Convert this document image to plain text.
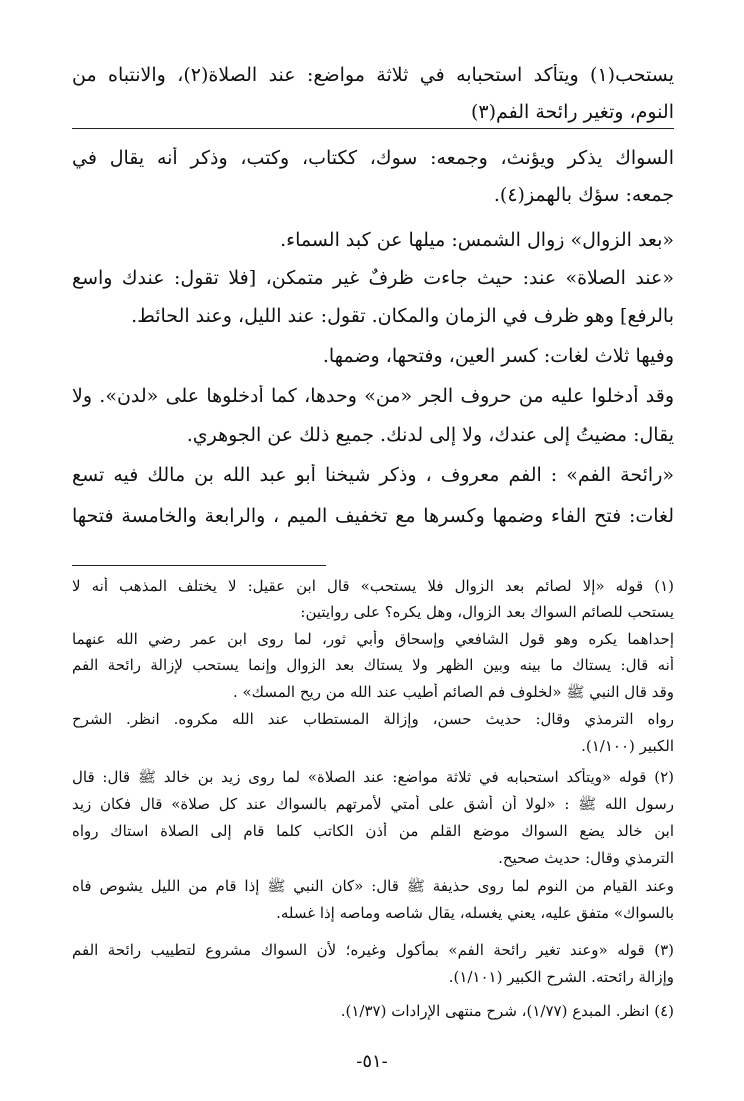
يستحب(١) ويتأكد استحبابه في ثلاثة مواضع: عند الصلاة(٢)، والانتباه من
النوم، وتغير رائحة الفم(٣)
السواك يذكر ويؤنث، وجمعه: سوك، ككتاب، وكتب، وذكر أنه يقال في
جمعه: سؤك بالهمز(٤).
«بعد الزوال» زوال الشمس: ميلها عن كبد السماء.
«عند الصلاة» عند: حيث جاءت ظرفٌ غير متمكن، [فلا تقول: عندك واسع
بالرفع] وهو ظرف في الزمان والمكان. تقول: عند الليل، وعند الحائط.
وفيها ثلاث لغات: كسر العين، وفتحها، وضمها.
وقد أدخلوا عليه من حروف الجر «من» وحدها، كما أدخلوها على «لدن». ولا
يقال: مضيتُ إلى عندك، ولا إلى لدنك. جميع ذلك عن الجوهري.
«رائحة الفم» : الفم معروف ، وذكر شيخنا أبو عبد الله بن مالك فيه تسع
لغات: فتح الفاء وضمها وكسرها مع تخفيف الميم ، والرابعة والخامسة فتحها
(١) قوله «إلا لصائم بعد الزوال فلا يستحب» قال ابن عقيل: لا يختلف المذهب أنه لا
يستحب للصائم السواك بعد الزوال، وهل يكره؟ على روايتين:
إحداهما يكره وهو قول الشافعي وإسحاق وأبي ثور، لما روى ابن عمر رضي الله عنهما
أنه قال: يستاك ما بينه وبين الظهر ولا يستاك بعد الزوال وإنما يستحب لإزالة رائحة الفم
وقد قال النبي ﷺ «لخلوف فم الصائم أطيب عند الله من ريح المسك» .
رواه الترمذي وقال: حديث حسن، وإزالة المستطاب عند الله مكروه. انظر. الشرح
الكبير (١/١٠٠).
(٢) قوله «ويتأكد استحبابه في ثلاثة مواضع: عند الصلاة» لما روى زيد بن خالد ﷺ قال: قال
رسول الله ﷺ : «لولا أن أشق على أمتي لأمرتهم بالسواك عند كل صلاة» قال فكان زيد
ابن خالد يضع السواك موضع القلم من أذن الكاتب كلما قام إلى الصلاة استاك رواه
الترمذي وقال: حديث صحيح.
وعند القيام من النوم لما روى حذيفة ﷺ قال: «كان النبي ﷺ إذا قام من الليل يشوص فاه
بالسواك» متفق عليه، يعني يغسله، يقال شاصه وماصه إذا غسله.
(٣) قوله «وعند تغير رائحة الفم» بمأكول وغيره؛ لأن السواك مشروع لتطييب رائحة الفم
وإزالة رائحته. الشرح الكبير (١/١٠١).
(٤) انظر. المبدع (١/٧٧)، شرح منتهى الإرادات (١/٣٧).
-٥١-
